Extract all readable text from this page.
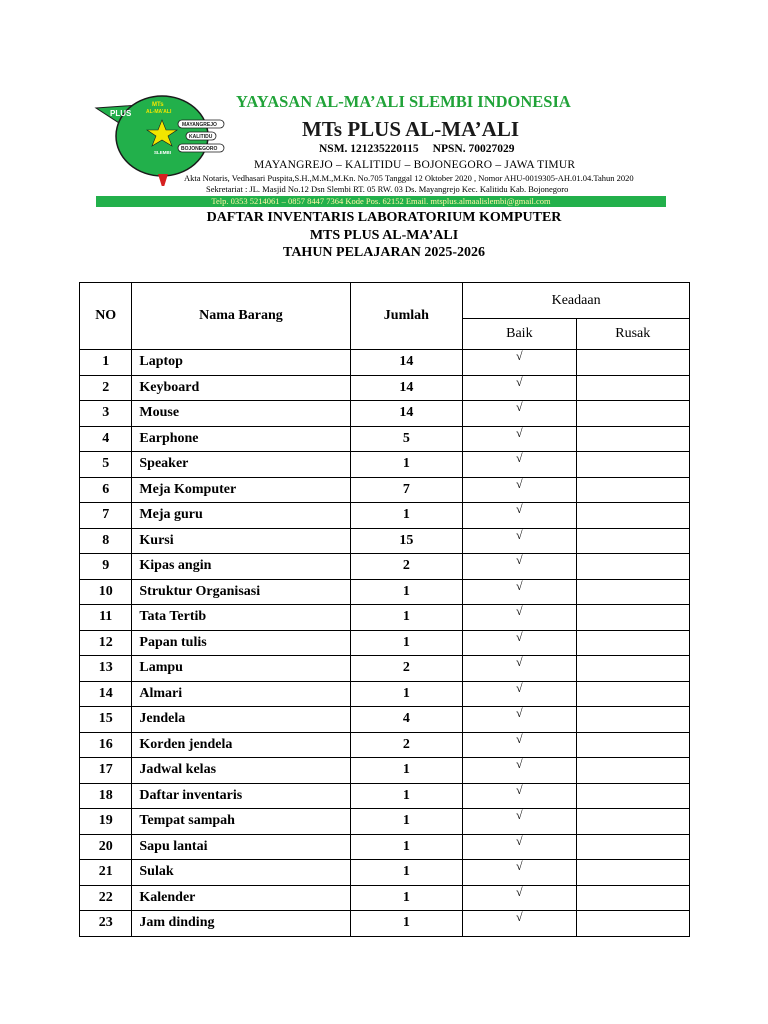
PLUS
MTs
AL-MA'ALI
SLEMBI
MAYANGREJO
KALITIDU
BOJONEGORO
YAYASAN AL-MA’ALI SLEMBI INDONESIA
MTs PLUS AL-MA’ALI
NSM. 121235220115 NPSN. 70027029
MAYANGREJO – KALITIDU – BOJONEGORO – JAWA TIMUR
Akta Notaris, Vedhasari Puspita,S.H.,M.M.,M.Kn. No.705 Tanggal 12 Oktober 2020 , Nomor AHU-0019305-AH.01.04.Tahun 2020
Sekretariat : JL. Masjid No.12 Dsn Slembi RT. 05 RW. 03 Ds. Mayangrejo Kec. Kalitidu Kab. Bojonegoro
Telp. 0353 5214061 – 0857 8447 7364 Kode Pos. 62152 Email. mtsplus.almaalislembi@gmail.com
DAFTAR INVENTARIS LABORATORIUM KOMPUTER
MTS PLUS AL-MA’ALI
TAHUN PELAJARAN 2025-2026
NO	Nama Barang	Jumlah	Keadaan	
			Baik	Rusak
1	Laptop	14	√	
2	Keyboard	14	√	
3	Mouse	14	√	
4	Earphone	5	√	
5	Speaker	1	√	
6	Meja Komputer	7	√	
7	Meja guru	1	√	
8	Kursi	15	√	
9	Kipas angin	2	√	
10	Struktur Organisasi	1	√	
11	Tata Tertib	1	√	
12	Papan tulis	1	√	
13	Lampu	2	√	
14	Almari	1	√	
15	Jendela	4	√	
16	Korden jendela	2	√	
17	Jadwal kelas	1	√	
18	Daftar inventaris	1	√	
19	Tempat sampah	1	√	
20	Sapu lantai	1	√	
21	Sulak	1	√	
22	Kalender	1	√	
23	Jam dinding	1	√	
